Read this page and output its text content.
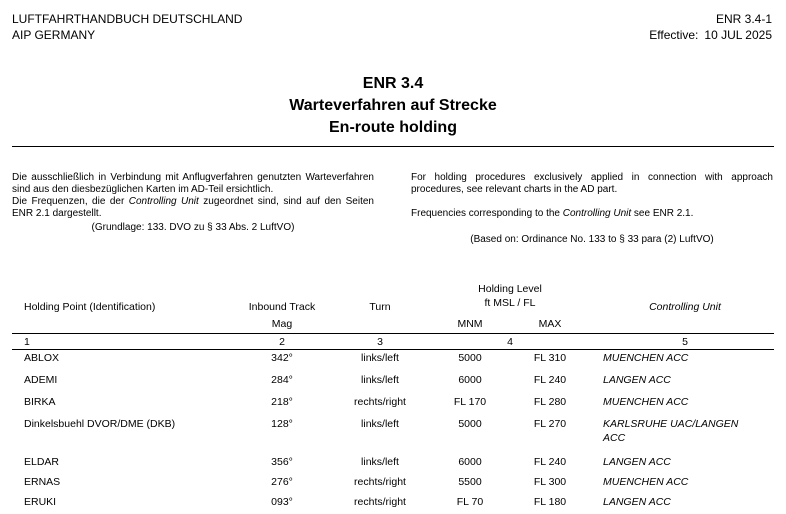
LUFTFAHRTHANDBUCH DEUTSCHLAND
AIP GERMANY
ENR 3.4-1
Effective: 10 JUL 2025
ENR 3.4
Warteverfahren auf Strecke
En-route holding

Die ausschließlich in Verbindung mit Anflugverfahren genutzten Warteverfahren sind aus den diesbezüglichen Karten im AD-Teil ersichtlich.

Die Frequenzen, die der Controlling Unit zugeordnet sind, sind auf den Seiten ENR 2.1 dargestellt.

(Grundlage: 133. DVO zu § 33 Abs. 2 LuftVO)

For holding procedures exclusively applied in connection with approach procedures, see relevant charts in the AD part.

Frequencies corresponding to the Controlling Unit see ENR 2.1.

(Based on: Ordinance No. 133 to § 33 para (2) LuftVO)
Holding Point (Identification)	Inbound Track
Mag
Turn
Holding Level
ft MSL / FL
MNM	MAX
Controlling Unit
1	2	3	4	5
ABLOX	342°	links/left	5000	FL 310	MUENCHEN ACC
ADEMI	284°	links/left	6000	FL 240	LANGEN ACC
BIRKA	218°	rechts/right	FL 170	FL 280	MUENCHEN ACC
Dinkelsbuehl DVOR/DME (DKB)	128°	links/left	5000	FL 270	KARLSRUHE UAC/LANGEN
ACC
ELDAR	356°	links/left	6000	FL 240	LANGEN ACC
ERNAS	276°	rechts/right	5500	FL 300	MUENCHEN ACC
ERUKI	093°	rechts/right	FL 70	FL 180	LANGEN ACC
